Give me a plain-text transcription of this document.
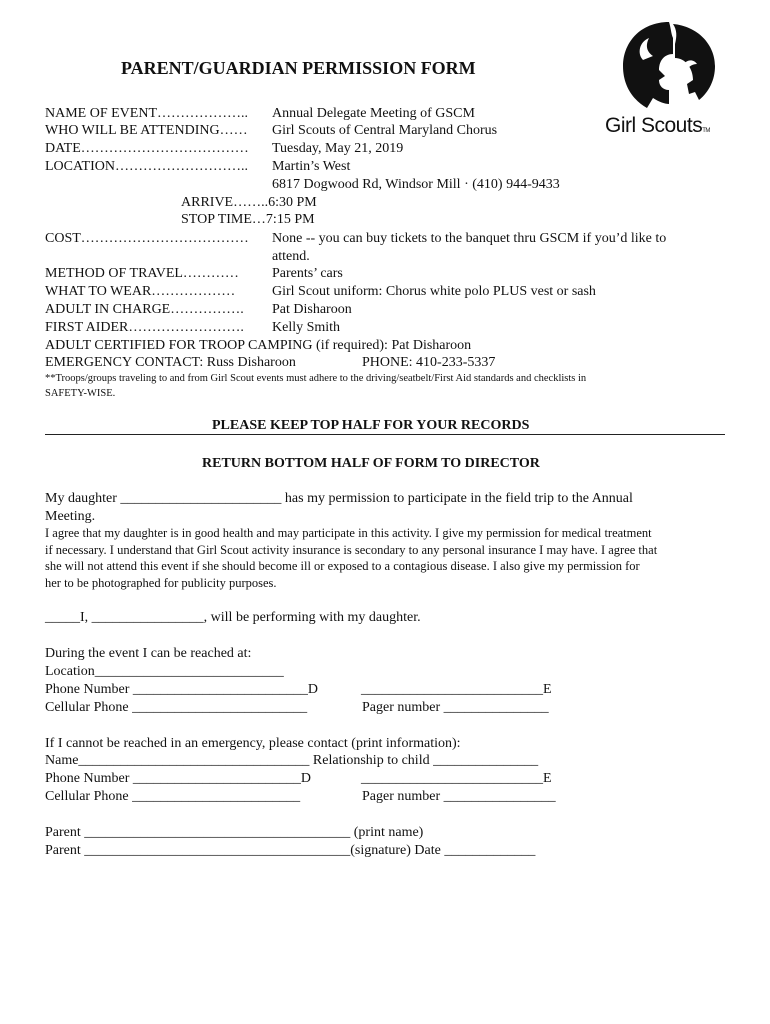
PARENT/GUARDIAN PERMISSION FORM
Girl ScoutsTM
NAME OF EVENT……………….. Annual Delegate Meeting of GSCM
WHO WILL BE ATTENDING…… Girl Scouts of Central Maryland Chorus
DATE……………………………… Tuesday, May 21, 2019
LOCATION……………………….. Martin’s West
6817 Dogwood Rd, Windsor Mill · (410) 944-9433
ARRIVE……..6:30 PM
STOP TIME…7:15 PM
COST……………………………… None -- you can buy tickets to the banquet thru GSCM if you’d like to
attend.
METHOD OF TRAVEL………… Parents’ cars
WHAT TO WEAR………………	Girl Scout uniform: Chorus white polo PLUS vest or sash
ADULT IN CHARGE……………. Pat Disharoon
FIRST AIDER……………………. Kelly Smith
ADULT CERTIFIED FOR TROOP CAMPING (if required): Pat Disharoon
EMERGENCY CONTACT: Russ Disharoon	PHONE: 410-233-5337
**Troops/groups traveling to and from Girl Scout events must adhere to the driving/seatbelt/First Aid standards and checklists in
SAFETY-WISE.
PLEASE KEEP TOP HALF FOR YOUR RECORDS
RETURN BOTTOM HALF OF FORM TO DIRECTOR
My daughter _______________________ has my permission to participate in the field trip to the Annual
Meeting.
I agree that my daughter is in good health and may participate in this activity. I give my permission for medical treatment
if necessary. I understand that Girl Scout activity insurance is secondary to any personal insurance I may have. I agree that
she will not attend this event if she should become ill or exposed to a contagious disease. I also give my permission for
her to be photographed for publicity purposes.
_____I, ________________, will be performing with my daughter.
During the event I can be reached at:
Location___________________________
Phone Number _________________________D	__________________________E
Cellular Phone _________________________	Pager number _______________
If I cannot be reached in an emergency, please contact (print information):
Name_________________________________ Relationship to child _______________
Phone Number ________________________D	__________________________E
Cellular Phone ________________________	Pager number ________________
Parent ______________________________________ (print name)
Parent ______________________________________(signature) Date _____________
